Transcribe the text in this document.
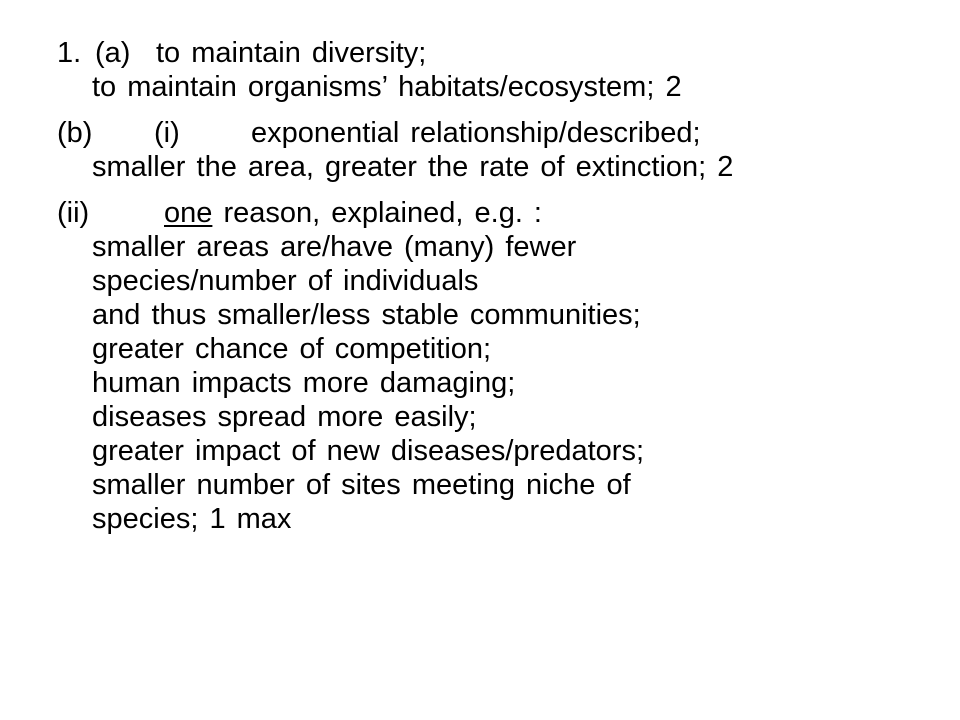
1. (a) to maintain diversity;
to maintain organisms’ habitats/ecosystem; 2
(b) (i) exponential relationship/described;
smaller the area, greater the rate of extinction; 2
(ii)	one reason, explained, e.g. :
smaller areas are/have (many) fewer
species/number of individuals
and thus smaller/less stable communities;
greater chance of competition;
human impacts more damaging;
diseases spread more easily;
greater impact of new diseases/predators;
smaller number of sites meeting niche of
species; 1 max
